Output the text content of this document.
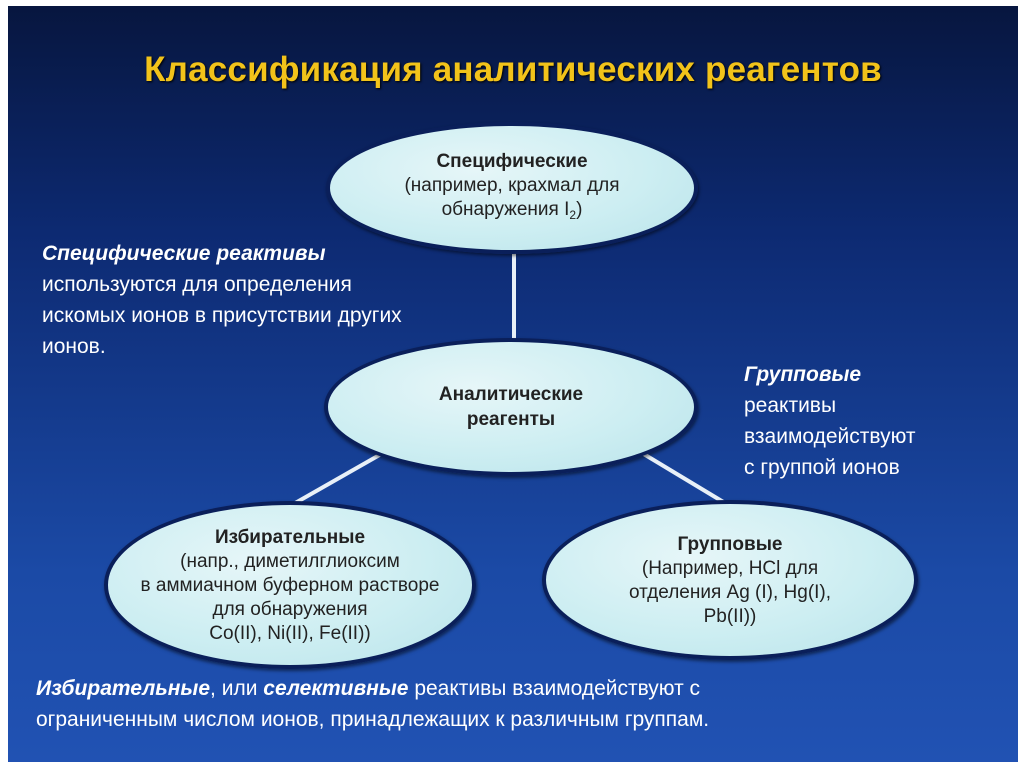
Классификация аналитических реагентов
Специфические
(например, крахмал для
обнаружения $I_2$)
Аналитические
реагенты
Избирательные
(напр., диметилглиоксим
в аммиачном буферном растворе
для обнаружения
Co(II), Ni(II), Fe(II))
Групповые
(Например, HCl для
отделения Ag (I), Hg(I),
Pb(II))
Специфические реактивы
используются для определения
искомых ионов в присутствии других
ионов.
Групповые
реактивы
взаимодействуют
с группой ионов
Избирательные, или селективные реактивы взаимодействуют с
ограниченным числом ионов, принадлежащих к различным группам.
